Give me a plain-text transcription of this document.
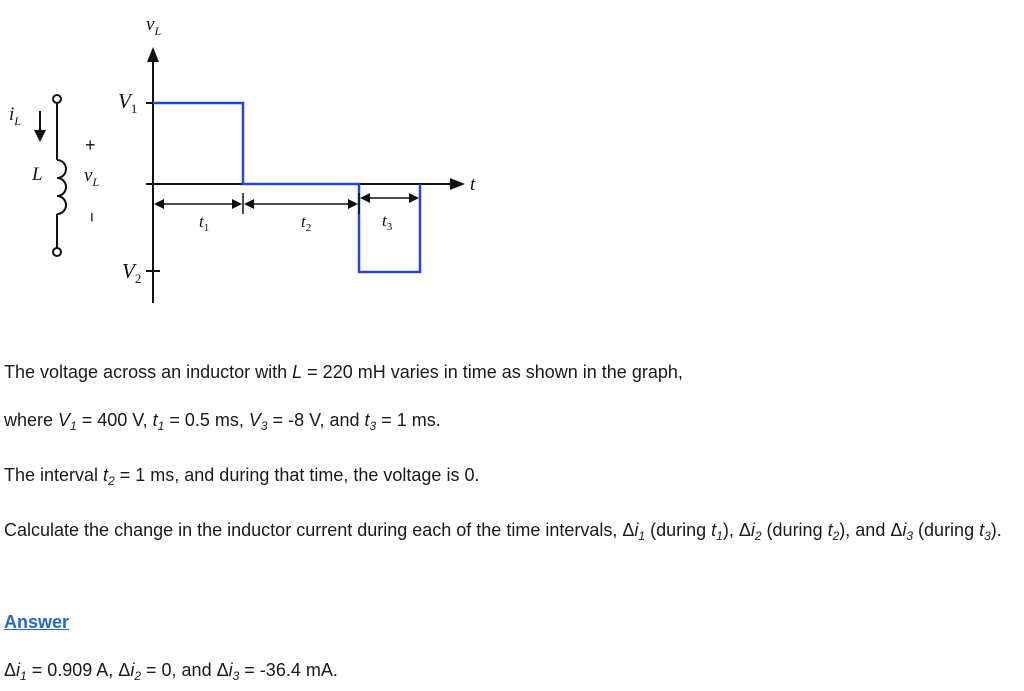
$i_L$
L
+
$v_L$
−
$v_L$
t
$V_1$
$V_2$
$t_1$	$t_2$	$t_3$

The voltage across an inductor with L = 220 mH varies in time as shown in the graph,

where $V_1 = 400$ V, $t_1 = 0.5$ ms, $V_3 = -8$ V, and $t_3 = 1$ ms.

The interval $t_2 = 1$ ms, and during that time, the voltage is 0.

Calculate the change in the inductor current during each of the time intervals, $\Delta i_1$ (during $t_1$), $\Delta i_2$ (during $t_2$), and $\Delta i_3$ (during $t_3$).

Answer

$\Delta i_1 = 0.909$ A, $\Delta i_2 = 0$, and $\Delta i_3 = -36.4$ mA.
